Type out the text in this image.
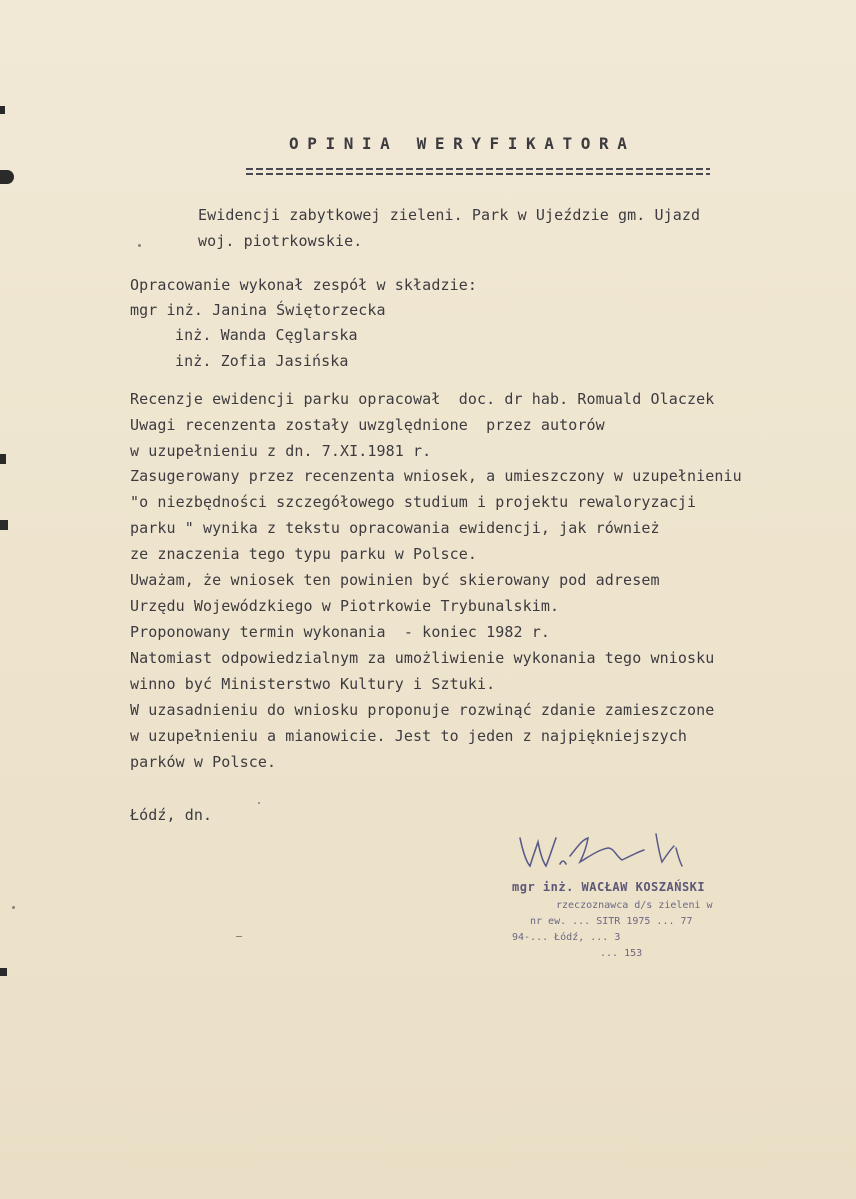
OPINIA WERYFIKATORA
Ewidencji zabytkowej zieleni. Park w Ujeździe gm. Ujazd
woj. piotrkowskie.
Opracowanie wykonał zespół w składzie:
mgr inż. Janina Świętorzecka
inż. Wanda Cęglarska
inż. Zofia Jasińska
Recenzje ewidencji parku opracował  doc. dr hab. Romuald Olaczek
Uwagi recenzenta zostały uwzględnione  przez autorów
w uzupełnieniu z dn. 7.XI.1981 r.
Zasugerowany przez recenzenta wniosek, a umieszczony w uzupełnieniu
"o niezbędności szczegółowego studium i projektu rewaloryzacji
parku " wynika z tekstu opracowania ewidencji, jak również
ze znaczenia tego typu parku w Polsce.
Uważam, że wniosek ten powinien być skierowany pod adresem
Urzędu Wojewódzkiego w Piotrkowie Trybunalskim.
Proponowany termin wykonania  - koniec 1982 r.
Natomiast odpowiedzialnym za umożliwienie wykonania tego wniosku
winno być Ministerstwo Kultury i Sztuki.
W uzasadnieniu do wniosku proponuje rozwinąć zdanie zamieszczone
w uzupełnieniu a mianowicie. Jest to jeden z najpiękniejszych
parków w Polsce.
Łódź, dn.
mgr inż. WACŁAW KOSZAŃSKI
rzeczoznawca d/s zieleni w
nr ew. ... SITR 1975 ... 77
94-... Łódź, ... 3
... 153
